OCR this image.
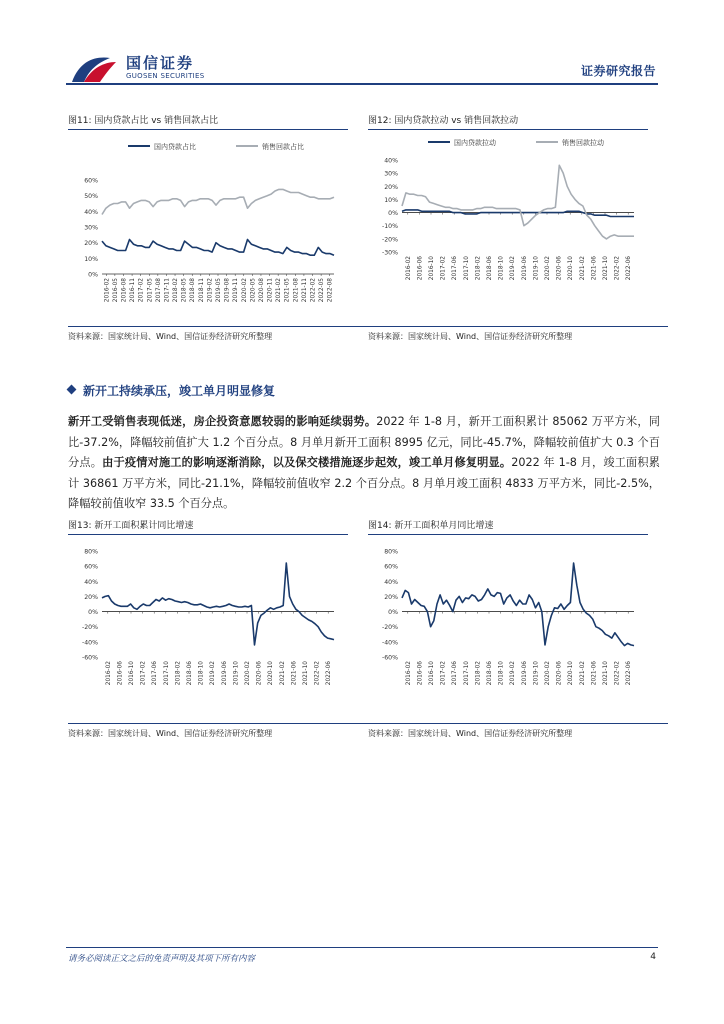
国信证券
GUOSEN SECURITIES	证券研究报告
图11: 国内贷款占比 vs 销售回款占比
0%
10%
20%
30%
40%
50%
60%
2016-02 2016-05 2016-08 2016-11 2017-02 2017-05 2017-08 2017-11 2018-02 2018-05 2018-08 2018-11 2019-02 2019-05 2019-08 2019-11 2020-02 2020-05 2020-08 2020-11 2021-02 2021-05 2021-08 2021-11 2022-02 2022-05 2022-08
国内贷款占比	销售回款占比
资料来源：国家统计局、Wind、国信证券经济研究所整理
图12: 国内贷款拉动 vs 销售回款拉动
40%
30%
20%
10%
0%
-10%
-20%
-30%
2016-02 2016-06 2016-10 2017-02 2017-06 2017-10 2018-02 2018-06 2018-10 2019-02 2019-06 2019-10 2020-02 2020-06 2020-10 2021-02 2021-06 2021-10 2022-02 2022-06
国内贷款拉动	销售回款拉动
资料来源：国家统计局、Wind、国信证券经济研究所整理
新开工持续承压，竣工单月明显修复
新开工受销售表现低迷，房企投资意愿较弱的影响延续弱势。2022 年 1-8 月，新开工面积累计 85062 万平方米，同比-37.2%，降幅较前值扩大 1.2 个百分点。8 月单月新开工面积 8995 亿元，同比-45.7%，降幅较前值扩大 0.3 个百分点。由于疫情对施工的影响逐渐消除，以及保交楼措施逐步起效，竣工单月修复明显。2022 年 1-8 月，竣工面积累计 36861 万平方米，同比-21.1%，降幅较前值收窄 2.2 个百分点。8 月单月竣工面积 4833 万平方米，同比-2.5%，降幅较前值收窄 33.5 个百分点。
图13: 新开工面积累计同比增速
80%
60%
40%
20%
0%
-20%
-40%
-60%
2016-02 2016-06 2016-10 2017-02 2017-06 2017-10 2018-02 2018-06 2018-10 2019-02 2019-06 2019-10 2020-02 2020-06 2020-10 2021-02 2021-06 2021-10 2022-02 2022-06
资料来源：国家统计局、Wind、国信证券经济研究所整理
图14: 新开工面积单月同比增速
80%
60%
40%
20%
0%
-20%
-40%
-60%
2016-02 2016-06 2016-10 2017-02 2017-06 2017-10 2018-02 2018-06 2018-10 2019-02 2019-06 2019-10 2020-02 2020-06 2020-10 2021-02 2021-06 2021-10 2022-02 2022-06
资料来源：国家统计局、Wind、国信证券经济研究所整理
请务必阅读正文之后的免责声明及其项下所有内容	4
